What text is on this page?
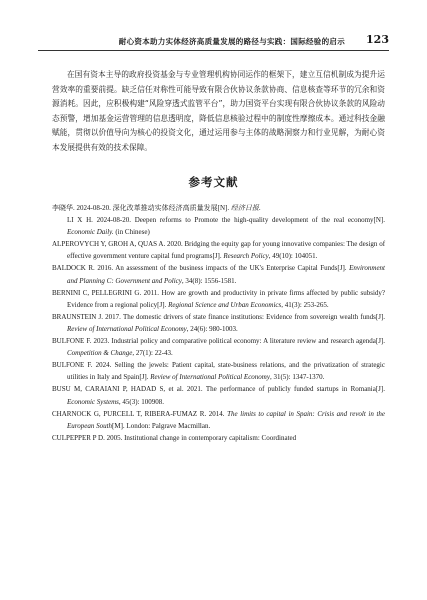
耐心资本助力实体经济高质量发展的路径与实践：国际经验的启示 123
在国有资本主导的政府投资基金与专业管理机构协同运作的框架下，建立互信机制成为提升运营效率的重要前提。缺乏信任对称性可能导致有限合伙协议条款协商、信息核查等环节的冗余和资源消耗。因此，应积极构建“风险穿透式监管平台”，助力国资平台实现有限合伙协议条款的风险动态预警，增加基金运营管理的信息透明度，降低信息核验过程中的制度性摩擦成本。通过科技金融赋能，贯彻以价值导向为核心的投资文化，通过运用参与主体的战略洞察力和行业见解，为耐心资本发展提供有效的技术保障。
参考文献

李晓华. 2024-08-20. 深化改革推动实体经济高质量发展[N]. 经济日报.

LI X H. 2024-08-20. Deepen reforms to Promote the high-quality development of the real economy[N]. Economic Daily. (in Chinese)

ALPEROVYCH Y, GROH A, QUAS A. 2020. Bridging the equity gap for young innovative companies: The design of effective government venture capital fund programs[J]. Research Policy, 49(10): 104051.

BALDOCK R. 2016. An assessment of the business impacts of the UK's Enterprise Capital Funds[J]. Environment and Planning C: Government and Policy, 34(8): 1556-1581.

BERNINI C, PELLEGRINI G. 2011. How are growth and productivity in private firms affected by public subsidy? Evidence from a regional policy[J]. Regional Science and Urban Economics, 41(3): 253-265.

BRAUNSTEIN J. 2017. The domestic drivers of state finance institutions: Evidence from sovereign wealth funds[J]. Review of International Political Economy, 24(6): 980-1003.

BULFONE F. 2023. Industrial policy and comparative political economy: A literature review and research agenda[J]. Competition & Change, 27(1): 22-43.

BULFONE F. 2024. Selling the jewels: Patient capital, state-business relations, and the privatization of strategic utilities in Italy and Spain[J]. Review of International Political Economy, 31(5): 1347-1370.

BUSU M, CARAIANI P, HADAD S, et al. 2021. The performance of publicly funded startups in Romania[J]. Economic Systems, 45(3): 100908.

CHARNOCK G, PURCELL T, RIBERA-FUMAZ R. 2014. The limits to capital in Spain: Crisis and revolt in the European South[M]. London: Palgrave Macmillan.

CULPEPPER P D. 2005. Institutional change in contemporary capitalism: Coordinated
